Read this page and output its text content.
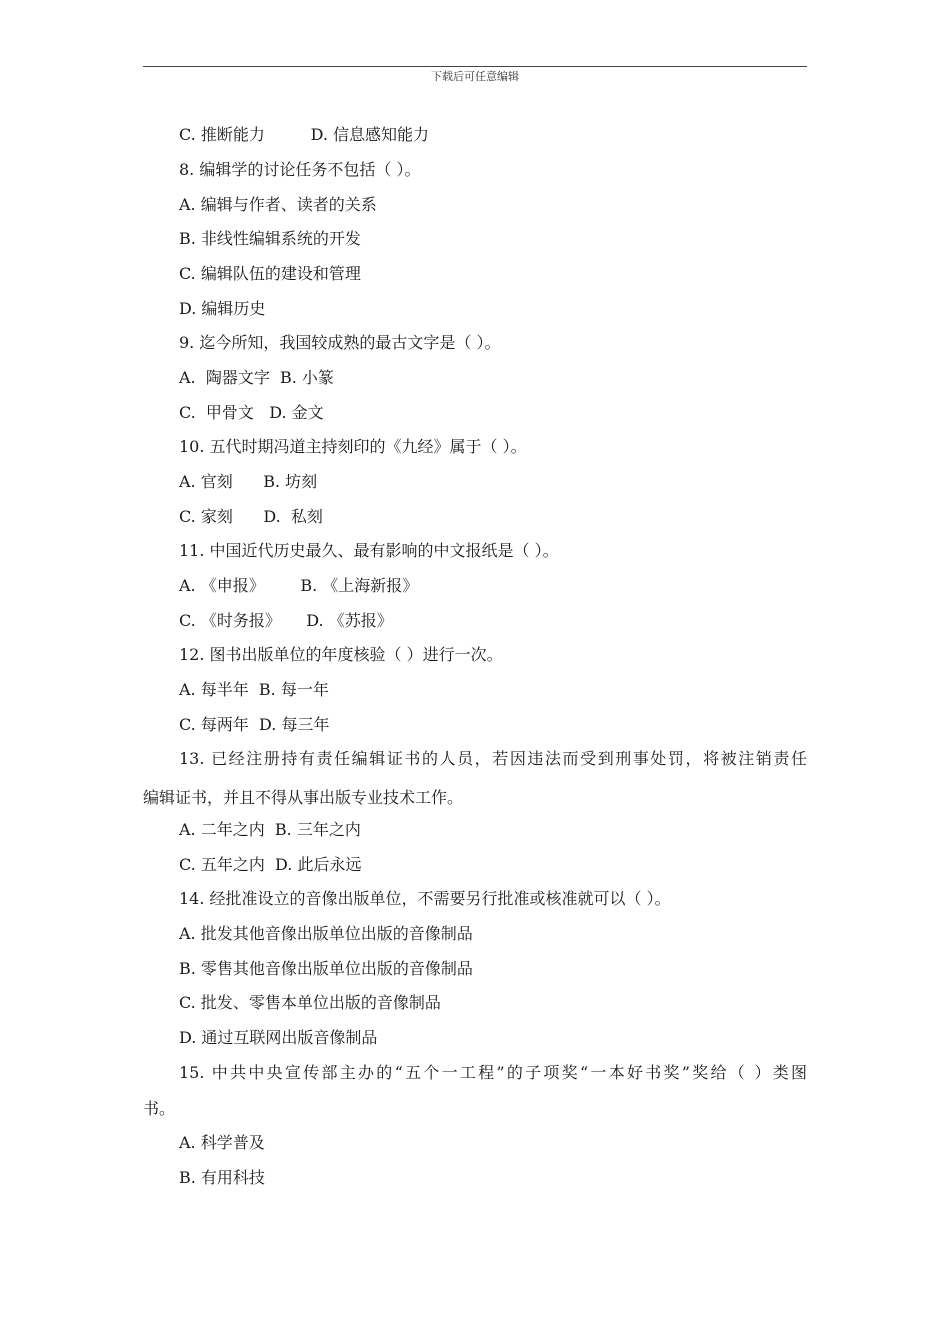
下载后可任意编辑
C. 推断能力         D. 信息感知能力
8. 编辑学的讨论任务不包括（ ）。
A. 编辑与作者、读者的关系
B. 非线性编辑系统的开发
C. 编辑队伍的建设和管理
D. 编辑历史
9. 迄今所知，我国较成熟的最古文字是（ ）。
A.  陶器文字  B. 小篆
C.  甲骨文   D. 金文
10. 五代时期冯道主持刻印的《九经》属于（ ）。
A. 官刻      B. 坊刻
C. 家刻      D.  私刻
11. 中国近代历史最久、最有影响的中文报纸是（ ）。
A. 《申报》       B. 《上海新报》
C. 《时务报》     D. 《苏报》
12. 图书出版单位的年度核验（ ）进行一次。
A. 每半年  B. 每一年
C. 每两年  D. 每三年
13. 已经注册持有责任编辑证书的人员，若因违法而受到刑事处罚，将被注销责任
编辑证书，并且不得从事出版专业技术工作。
A. 二年之内  B. 三年之内
C. 五年之内  D. 此后永远
14. 经批准设立的音像出版单位，不需要另行批准或核准就可以（ ）。
A. 批发其他音像出版单位出版的音像制品
B. 零售其他音像出版单位出版的音像制品
C. 批发、零售本单位出版的音像制品
D. 通过互联网出版音像制品
15. 中共中央宣传部主办的“五个一工程”的子项奖“一本好书奖”奖给（ ）类图
书。
A. 科学普及
B. 有用科技
